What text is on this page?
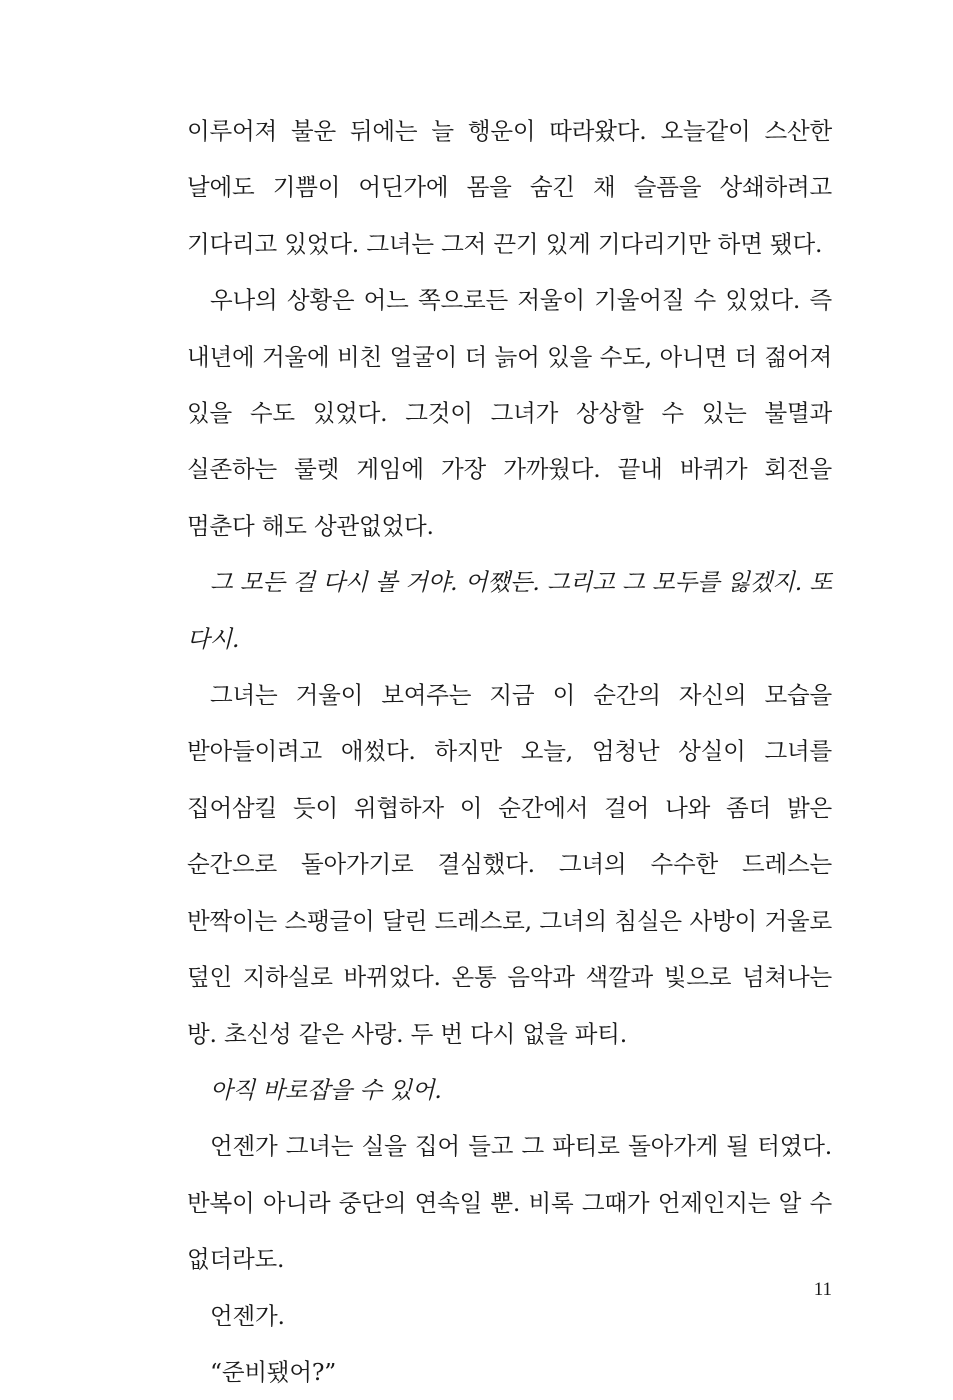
이루어져 불운 뒤에는 늘 행운이 따라왔다. 오늘같이 스산한 날에도 기쁨이 어딘가에 몸을 숨긴 채 슬픔을 상쇄하려고 기다리고 있었다. 그녀는 그저 끈기 있게 기다리기만 하면 됐다.

우나의 상황은 어느 쪽으로든 저울이 기울어질 수 있었다. 즉 내년에 거울에 비친 얼굴이 더 늙어 있을 수도, 아니면 더 젊어져 있을 수도 있었다. 그것이 그녀가 상상할 수 있는 불멸과 실존하는 룰렛 게임에 가장 가까웠다. 끝내 바퀴가 회전을 멈춘다 해도 상관없었다.

그 모든 걸 다시 볼 거야. 어쨌든. 그리고 그 모두를 잃겠지. 또 다시.

그녀는 거울이 보여주는 지금 이 순간의 자신의 모습을 받아들이려고 애썼다. 하지만 오늘, 엄청난 상실이 그녀를 집어삼킬 듯이 위협하자 이 순간에서 걸어 나와 좀더 밝은 순간으로 돌아가기로 결심했다. 그녀의 수수한 드레스는 반짝이는 스팽글이 달린 드레스로, 그녀의 침실은 사방이 거울로 덮인 지하실로 바뀌었다. 온통 음악과 색깔과 빛으로 넘쳐나는 방. 초신성 같은 사랑. 두 번 다시 없을 파티.

아직 바로잡을 수 있어.

언젠가 그녀는 실을 집어 들고 그 파티로 돌아가게 될 터였다. 반복이 아니라 중단의 연속일 뿐. 비록 그때가 언제인지는 알 수 없더라도.

언젠가.

“준비됐어?”

11
